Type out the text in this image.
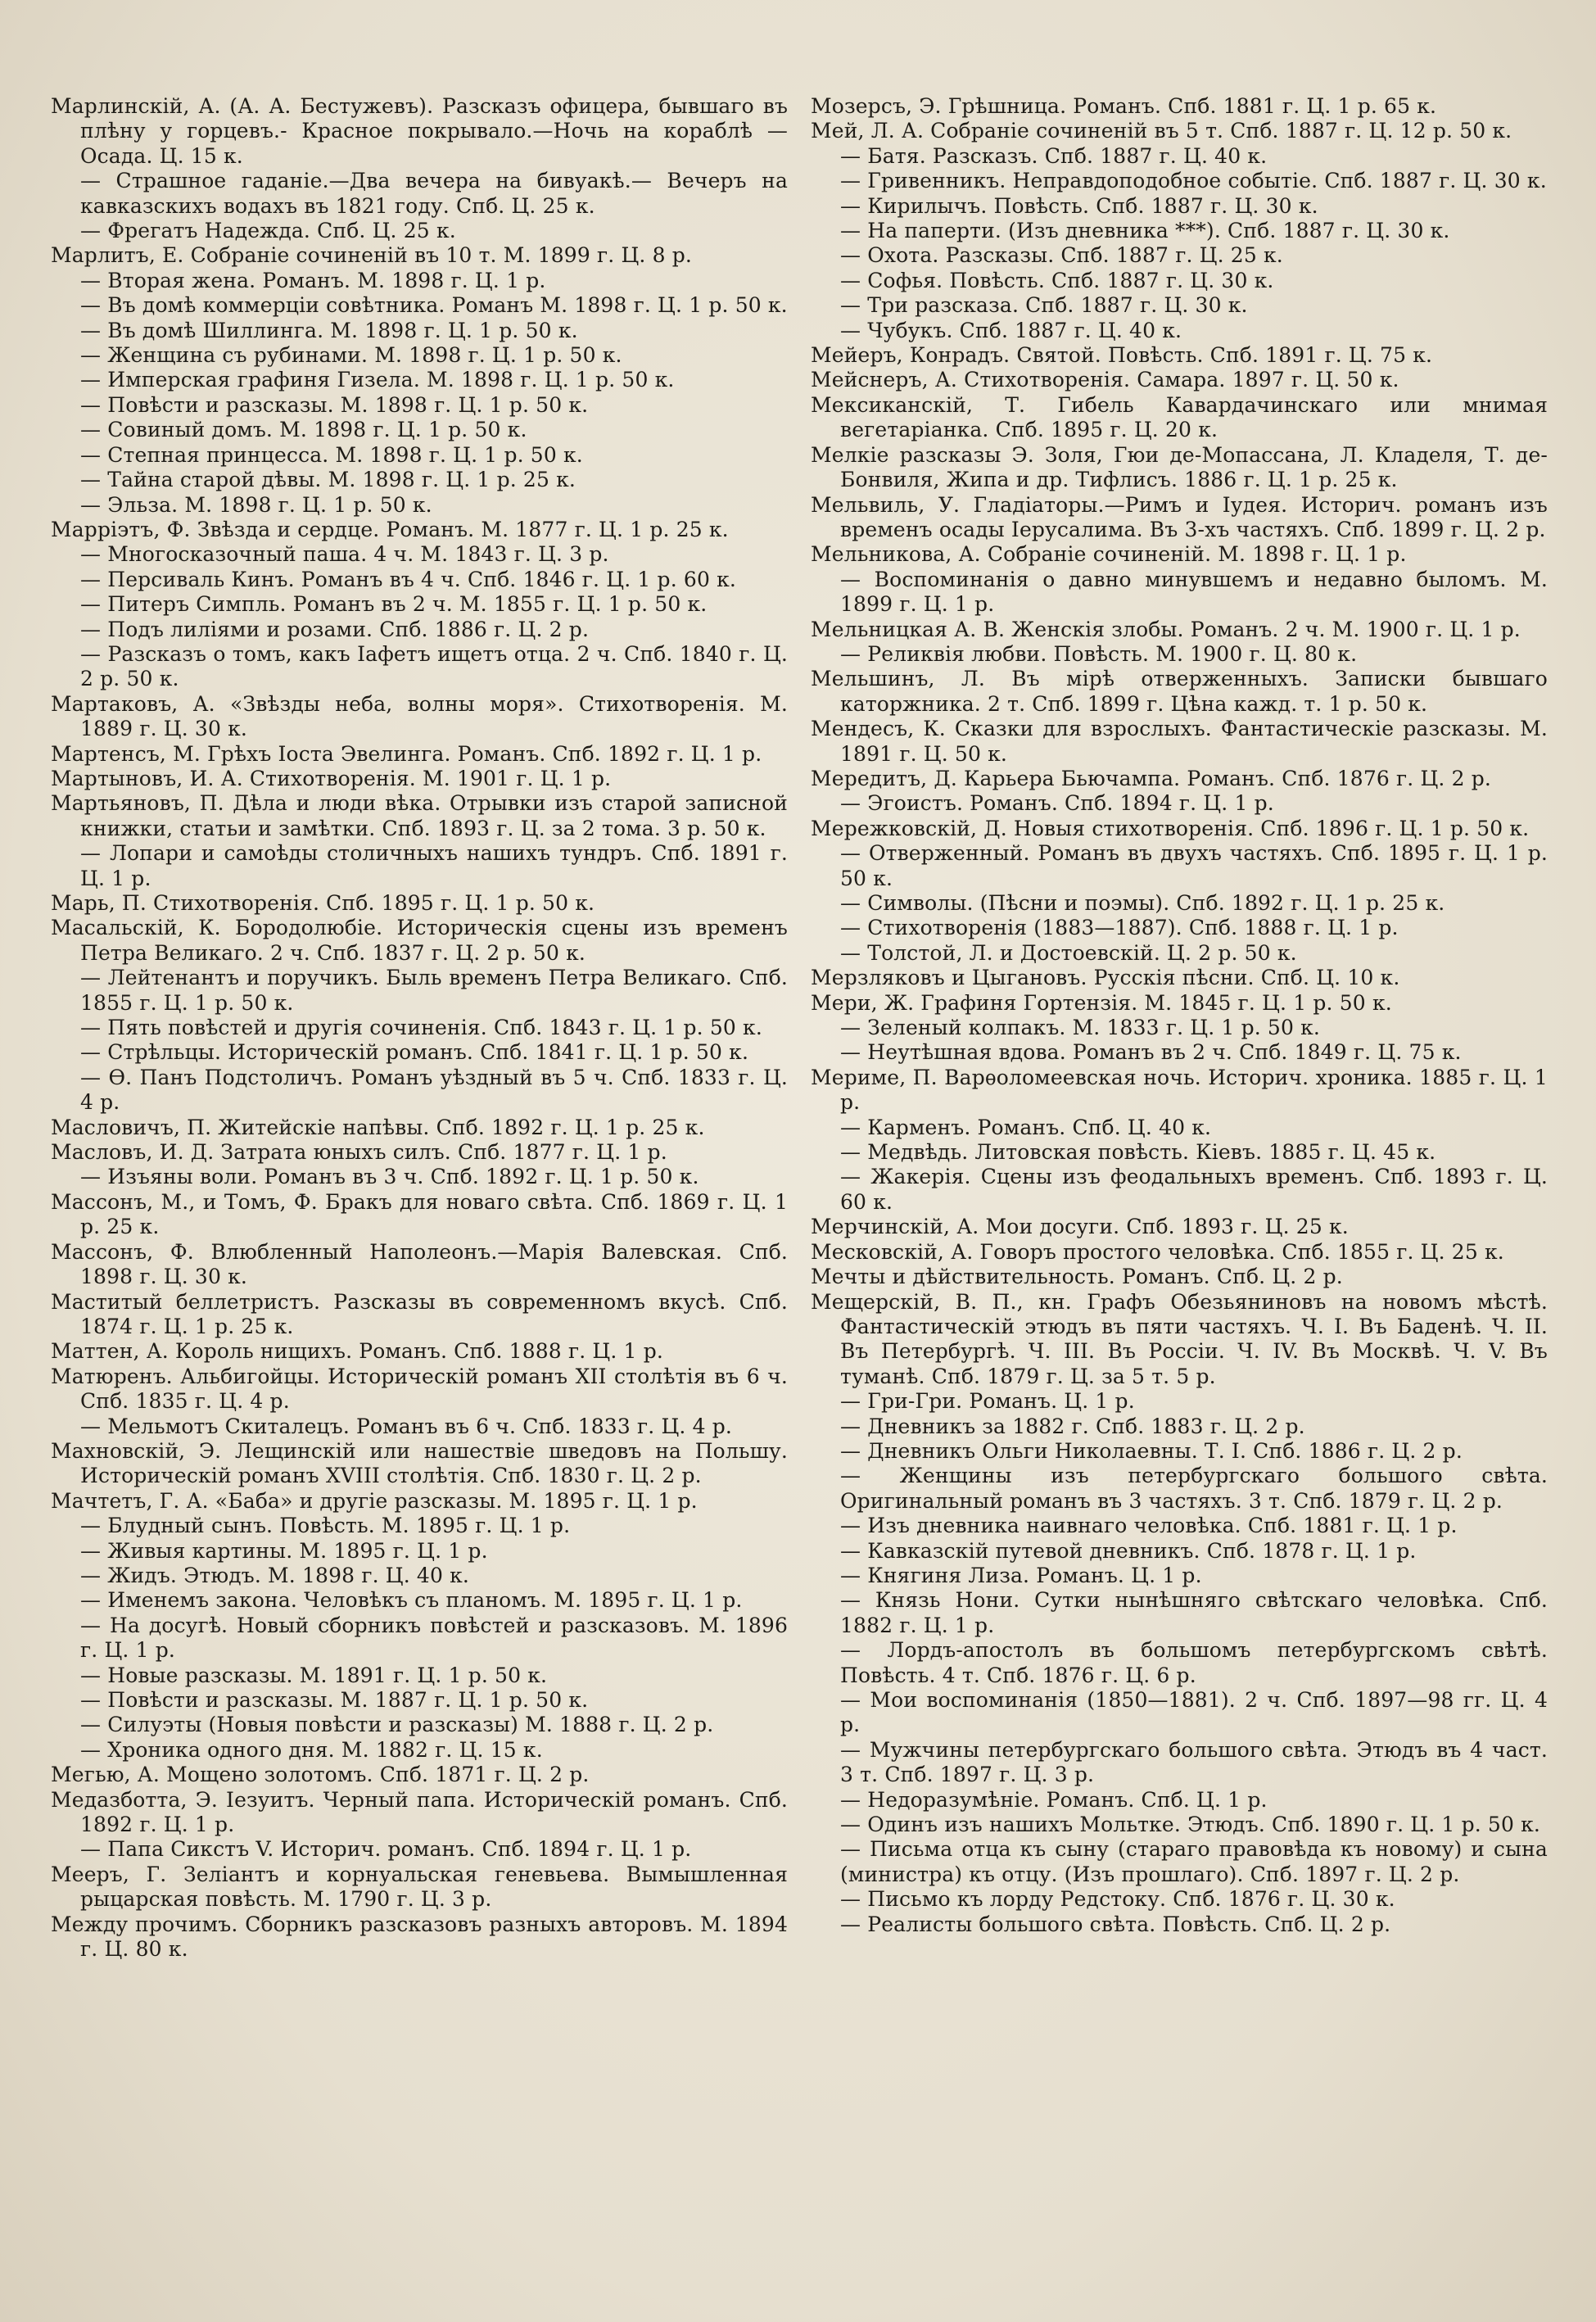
Марлинскій, А. (А. А. Бестужевъ). Разсказъ офицера, бывшаго въ плѣну у горцевъ.- Красное покрывало.—Ночь на кораблѣ —Осада. Ц. 15 к.

— Страшное гаданіе.—Два вечера на бивуакѣ.— Вечеръ на кавказскихъ водахъ въ 1821 году. Спб. Ц. 25 к.

— Фрегатъ Надежда. Спб. Ц. 25 к.

Марлитъ, Е. Собраніе сочиненій въ 10 т. М. 1899 г. Ц. 8 р.

— Вторая жена. Романъ. М. 1898 г. Ц. 1 р.

— Въ домѣ коммерціи совѣтника. Романъ М. 1898 г. Ц. 1 р. 50 к.

— Въ домѣ Шиллинга. М. 1898 г. Ц. 1 р. 50 к.

— Женщина съ рубинами. М. 1898 г. Ц. 1 р. 50 к.

— Имперская графиня Гизела. М. 1898 г. Ц. 1 р. 50 к.

— Повѣсти и разсказы. М. 1898 г. Ц. 1 р. 50 к.

— Совиный домъ. М. 1898 г. Ц. 1 р. 50 к.

— Степная принцесса. М. 1898 г. Ц. 1 р. 50 к.

— Тайна старой дѣвы. М. 1898 г. Ц. 1 р. 25 к.

— Эльза. М. 1898 г. Ц. 1 р. 50 к.

Марріэтъ, Ф. Звѣзда и сердце. Романъ. М. 1877 г. Ц. 1 р. 25 к.

— Многосказочный паша. 4 ч. М. 1843 г. Ц. 3 р.

— Персиваль Кинъ. Романъ въ 4 ч. Спб. 1846 г. Ц. 1 р. 60 к.

— Питеръ Симпль. Романъ въ 2 ч. М. 1855 г. Ц. 1 р. 50 к.

— Подъ лиліями и розами. Спб. 1886 г. Ц. 2 р.

— Разсказъ о томъ, какъ Іафетъ ищетъ отца. 2 ч. Спб. 1840 г. Ц. 2 р. 50 к.

Мартаковъ, А. «Звѣзды неба, волны моря». Стихотворенія. М. 1889 г. Ц. 30 к.

Мартенсъ, М. Грѣхъ Іоста Эвелинга. Романъ. Спб. 1892 г. Ц. 1 р.

Мартыновъ, И. А. Стихотворенія. М. 1901 г. Ц. 1 р.

Мартьяновъ, П. Дѣла и люди вѣка. Отрывки изъ старой записной книжки, статьи и замѣтки. Спб. 1893 г. Ц. за 2 тома. 3 р. 50 к.

— Лопари и самоѣды столичныхъ нашихъ тундръ. Спб. 1891 г. Ц. 1 р.

Марь, П. Стихотворенія. Спб. 1895 г. Ц. 1 р. 50 к.

Масальскій, К. Бородолюбіе. Историческія сцены изъ временъ Петра Великаго. 2 ч. Спб. 1837 г. Ц. 2 р. 50 к.

— Лейтенантъ и поручикъ. Быль временъ Петра Великаго. Спб. 1855 г. Ц. 1 р. 50 к.

— Пять повѣстей и другія сочиненія. Спб. 1843 г. Ц. 1 р. 50 к.

— Стрѣльцы. Историческій романъ. Спб. 1841 г. Ц. 1 р. 50 к.

— Ѳ. Панъ Подстоличъ. Романъ уѣздный въ 5 ч. Спб. 1833 г. Ц. 4 р.

Масловичъ, П. Житейскіе напѣвы. Спб. 1892 г. Ц. 1 р. 25 к.

Масловъ, И. Д. Затрата юныхъ силъ. Спб. 1877 г. Ц. 1 р.

— Изъяны воли. Романъ въ 3 ч. Спб. 1892 г. Ц. 1 р. 50 к.

Массонъ, М., и Томъ, Ф. Бракъ для новаго свѣта. Спб. 1869 г. Ц. 1 р. 25 к.

Массонъ, Ф. Влюбленный Наполеонъ.—Марія Валевская. Спб. 1898 г. Ц. 30 к.

Маститый беллетристъ. Разсказы въ современномъ вкусѣ. Спб. 1874 г. Ц. 1 р. 25 к.

Маттен, А. Король нищихъ. Романъ. Спб. 1888 г. Ц. 1 р.

Матюренъ. Альбигойцы. Историческій романъ XII столѣтія въ 6 ч. Спб. 1835 г. Ц. 4 р.

— Мельмотъ Скиталецъ. Романъ въ 6 ч. Спб. 1833 г. Ц. 4 р.

Махновскій, Э. Лещинскій или нашествіе шведовъ на Польшу. Историческій романъ XVIII столѣтія. Спб. 1830 г. Ц. 2 р.

Мачтетъ, Г. А. «Баба» и другіе разсказы. М. 1895 г. Ц. 1 р.

— Блудный сынъ. Повѣсть. М. 1895 г. Ц. 1 р.

— Живыя картины. М. 1895 г. Ц. 1 р.

— Жидъ. Этюдъ. М. 1898 г. Ц. 40 к.

— Именемъ закона. Человѣкъ съ планомъ. М. 1895 г. Ц. 1 р.

— На досугѣ. Новый сборникъ повѣстей и разсказовъ. М. 1896 г. Ц. 1 р.

— Новые разсказы. М. 1891 г. Ц. 1 р. 50 к.

— Повѣсти и разсказы. М. 1887 г. Ц. 1 р. 50 к.

— Силуэты (Новыя повѣсти и разсказы) М. 1888 г. Ц. 2 р.

— Хроника одного дня. М. 1882 г. Ц. 15 к.

Мегью, А. Мощено золотомъ. Спб. 1871 г. Ц. 2 р.

Медазботта, Э. Іезуитъ. Черный папа. Историческій романъ. Спб. 1892 г. Ц. 1 р.

— Папа Сикстъ V. Историч. романъ. Спб. 1894 г. Ц. 1 р.

Мееръ, Г. Зеліантъ и корнуальская геневьева. Вымышленная рыцарская повѣсть. М. 1790 г. Ц. 3 р.

Между прочимъ. Сборникъ разсказовъ разныхъ авторовъ. М. 1894 г. Ц. 80 к.

Мозерсъ, Э. Грѣшница. Романъ. Спб. 1881 г. Ц. 1 р. 65 к.

Мей, Л. А. Собраніе сочиненій въ 5 т. Спб. 1887 г. Ц. 12 р. 50 к.

— Батя. Разсказъ. Спб. 1887 г. Ц. 40 к.

— Гривенникъ. Неправдоподобное событіе. Спб. 1887 г. Ц. 30 к.

— Кирилычъ. Повѣсть. Спб. 1887 г. Ц. 30 к.

— На паперти. (Изъ дневника ***). Спб. 1887 г. Ц. 30 к.

— Охота. Разсказы. Спб. 1887 г. Ц. 25 к.

— Софья. Повѣсть. Спб. 1887 г. Ц. 30 к.

— Три разсказа. Спб. 1887 г. Ц. 30 к.

— Чубукъ. Спб. 1887 г. Ц. 40 к.

Мейеръ, Конрадъ. Святой. Повѣсть. Спб. 1891 г. Ц. 75 к.

Мейснеръ, А. Стихотворенія. Самара. 1897 г. Ц. 50 к.

Мексиканскій, Т. Гибель Кавардачинскаго или мнимая вегетаріанка. Спб. 1895 г. Ц. 20 к.

Мелкіе разсказы Э. Золя, Гюи де-Мопассана, Л. Кладеля, Т. де-Бонвиля, Жипа и др. Тифлисъ. 1886 г. Ц. 1 р. 25 к.

Мельвиль, У. Гладіаторы.—Римъ и Іудея. Историч. романъ изъ временъ осады Іерусалима. Въ 3-хъ частяхъ. Спб. 1899 г. Ц. 2 р.

Мельникова, А. Собраніе сочиненій. М. 1898 г. Ц. 1 р.

— Воспоминанія о давно минувшемъ и недавно быломъ. М. 1899 г. Ц. 1 р.

Мельницкая А. В. Женскія злобы. Романъ. 2 ч. М. 1900 г. Ц. 1 р.

— Реликвія любви. Повѣсть. М. 1900 г. Ц. 80 к.

Мельшинъ, Л. Въ мірѣ отверженныхъ. Записки бывшаго каторжника. 2 т. Спб. 1899 г. Цѣна кажд. т. 1 р. 50 к.

Мендесъ, К. Сказки для взрослыхъ. Фантастическіе разсказы. М. 1891 г. Ц. 50 к.

Мередитъ, Д. Карьера Бьючампа. Романъ. Спб. 1876 г. Ц. 2 р.

— Эгоистъ. Романъ. Спб. 1894 г. Ц. 1 р.

Мережковскій, Д. Новыя стихотворенія. Спб. 1896 г. Ц. 1 р. 50 к.

— Отверженный. Романъ въ двухъ частяхъ. Спб. 1895 г. Ц. 1 р. 50 к.

— Символы. (Пѣсни и поэмы). Спб. 1892 г. Ц. 1 р. 25 к.

— Стихотворенія (1883—1887). Спб. 1888 г. Ц. 1 р.

— Толстой, Л. и Достоевскій. Ц. 2 р. 50 к.

Мерзляковъ и Цыгановъ. Русскія пѣсни. Спб. Ц. 10 к.

Мери, Ж. Графиня Гортензія. М. 1845 г. Ц. 1 р. 50 к.

— Зеленый колпакъ. М. 1833 г. Ц. 1 р. 50 к.

— Неутѣшная вдова. Романъ въ 2 ч. Спб. 1849 г. Ц. 75 к.

Мериме, П. Варѳоломеевская ночь. Историч. хроника. 1885 г. Ц. 1 р.

— Карменъ. Романъ. Спб. Ц. 40 к.

— Медвѣдь. Литовская повѣсть. Кіевъ. 1885 г. Ц. 45 к.

— Жакерія. Сцены изъ феодальныхъ временъ. Спб. 1893 г. Ц. 60 к.

Мерчинскій, А. Мои досуги. Спб. 1893 г. Ц. 25 к.

Месковскій, А. Говоръ простого человѣка. Спб. 1855 г. Ц. 25 к.

Мечты и дѣйствительность. Романъ. Спб. Ц. 2 р.

Мещерскій, В. П., кн. Графъ Обезьяниновъ на новомъ мѣстѣ. Фантастическій этюдъ въ пяти частяхъ. Ч. I. Въ Баденѣ. Ч. II. Въ Петербургѣ. Ч. III. Въ Россіи. Ч. IV. Въ Москвѣ. Ч. V. Въ туманѣ. Спб. 1879 г. Ц. за 5 т. 5 р.

— Гри-Гри. Романъ. Ц. 1 р.

— Дневникъ за 1882 г. Спб. 1883 г. Ц. 2 р.

— Дневникъ Ольги Николаевны. Т. I. Спб. 1886 г. Ц. 2 р.

— Женщины изъ петербургскаго большого свѣта. Оригинальный романъ въ 3 частяхъ. 3 т. Спб. 1879 г. Ц. 2 р.

— Изъ дневника наивнаго человѣка. Спб. 1881 г. Ц. 1 р.

— Кавказскій путевой дневникъ. Спб. 1878 г. Ц. 1 р.

— Княгиня Лиза. Романъ. Ц. 1 р.

— Князь Нони. Сутки нынѣшняго свѣтскаго человѣка. Спб. 1882 г. Ц. 1 р.

— Лордъ-апостолъ въ большомъ петербургскомъ свѣтѣ. Повѣсть. 4 т. Спб. 1876 г. Ц. 6 р.

— Мои воспоминанія (1850—1881). 2 ч. Спб. 1897—98 гг. Ц. 4 р.

— Мужчины петербургскаго большого свѣта. Этюдъ въ 4 част. 3 т. Спб. 1897 г. Ц. 3 р.

— Недоразумѣніе. Романъ. Спб. Ц. 1 р.

— Одинъ изъ нашихъ Мольтке. Этюдъ. Спб. 1890 г. Ц. 1 р. 50 к.

— Письма отца къ сыну (стараго правовѣда къ новому) и сына (министра) къ отцу. (Изъ прошлаго). Спб. 1897 г. Ц. 2 р.

— Письмо къ лорду Редстоку. Спб. 1876 г. Ц. 30 к.

— Реалисты большого свѣта. Повѣсть. Спб. Ц. 2 р.
